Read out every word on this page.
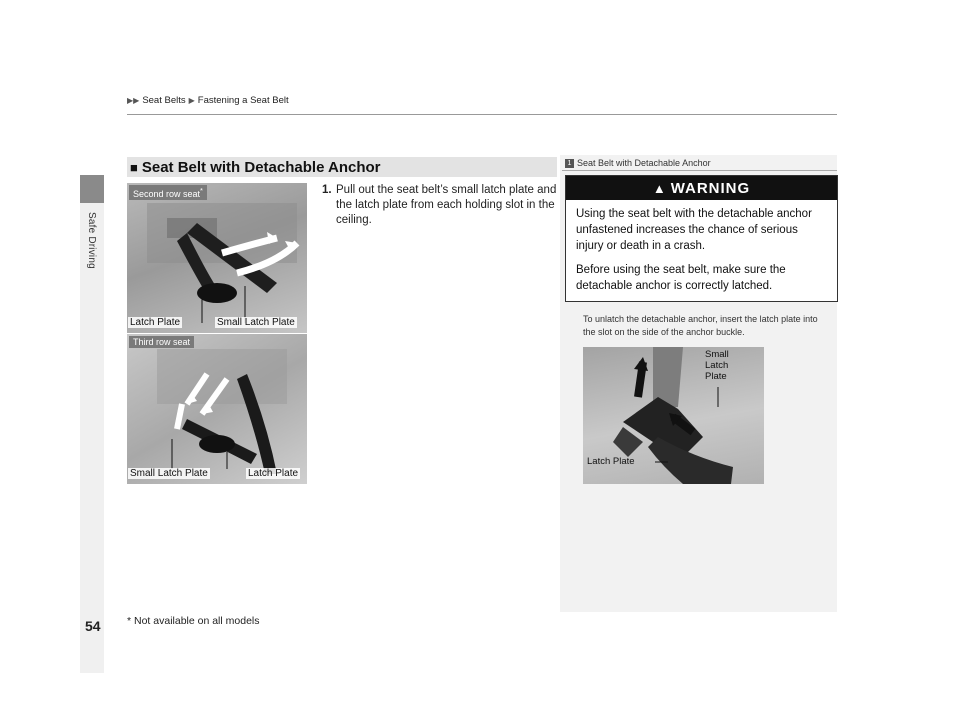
Safe Driving
▶▶ Seat Belts ▶ Fastening a Seat Belt
■ Seat Belt with Detachable Anchor
Second row seat*
Latch Plate	Small Latch Plate
Third row seat
Small Latch Plate	Latch Plate
1. Pull out the seat belt’s small latch plate and the latch plate from each holding slot in the ceiling.
1 Seat Belt with Detachable Anchor
▲ WARNING
Using the seat belt with the detachable anchor unfastened increases the chance of serious injury or death in a crash.
Before using the seat belt, make sure the detachable anchor is correctly latched.
To unlatch the detachable anchor, insert the latch plate into the slot on the side of the anchor buckle.
Small
Latch
Plate
Latch Plate
54	* Not available on all models
